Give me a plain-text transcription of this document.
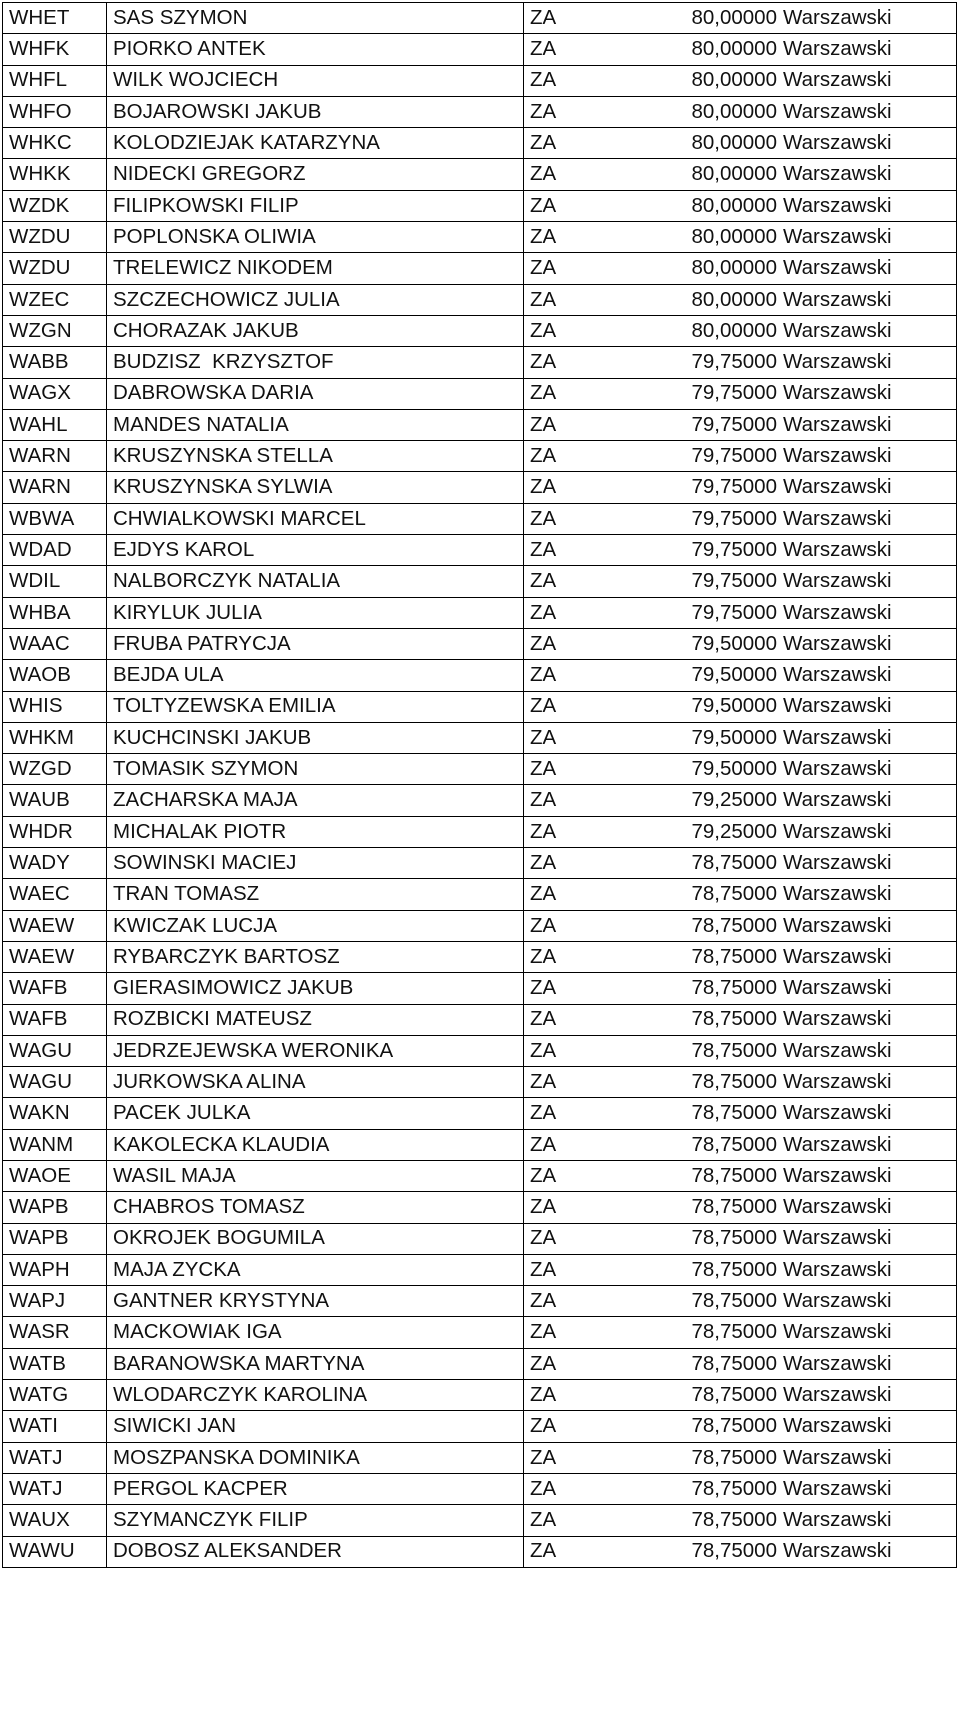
WHET	SAS SZYMON	ZA 80,00000 Warszawski

WHFK	PIORKO ANTEK	ZA 80,00000 Warszawski

WHFL	WILK WOJCIECH	ZA 80,00000 Warszawski

WHFO	BOJAROWSKI JAKUB	ZA 80,00000 Warszawski

WHKC	KOLODZIEJAK KATARZYNA	ZA 80,00000 Warszawski

WHKK	NIDECKI GREGORZ	ZA 80,00000 Warszawski

WZDK	FILIPKOWSKI FILIP	ZA 80,00000 Warszawski

WZDU	POPLONSKA OLIWIA	ZA 80,00000 Warszawski

WZDU	TRELEWICZ NIKODEM	ZA 80,00000 Warszawski

WZEC	SZCZECHOWICZ JULIA	ZA 80,00000 Warszawski

WZGN	CHORAZAK JAKUB	ZA 80,00000 Warszawski

WABB	BUDZISZ  KRZYSZTOF	ZA 79,75000 Warszawski

WAGX	DABROWSKA DARIA	ZA 79,75000 Warszawski

WAHL	MANDES NATALIA	ZA 79,75000 Warszawski

WARN	KRUSZYNSKA STELLA	ZA 79,75000 Warszawski

WARN	KRUSZYNSKA SYLWIA	ZA 79,75000 Warszawski

WBWA	CHWIALKOWSKI MARCEL	ZA 79,75000 Warszawski

WDAD	EJDYS KAROL	ZA 79,75000 Warszawski

WDIL	NALBORCZYK NATALIA	ZA 79,75000 Warszawski

WHBA	KIRYLUK JULIA	ZA 79,75000 Warszawski

WAAC	FRUBA PATRYCJA	ZA 79,50000 Warszawski

WAOB	BEJDA ULA	ZA 79,50000 Warszawski

WHIS	TOLTYZEWSKA EMILIA	ZA 79,50000 Warszawski

WHKM	KUCHCINSKI JAKUB	ZA 79,50000 Warszawski

WZGD	TOMASIK SZYMON	ZA 79,50000 Warszawski

WAUB	ZACHARSKA MAJA	ZA 79,25000 Warszawski

WHDR	MICHALAK PIOTR	ZA 79,25000 Warszawski

WADY	SOWINSKI MACIEJ	ZA 78,75000 Warszawski

WAEC	TRAN TOMASZ	ZA 78,75000 Warszawski

WAEW	KWICZAK LUCJA	ZA 78,75000 Warszawski

WAEW	RYBARCZYK BARTOSZ	ZA 78,75000 Warszawski

WAFB	GIERASIMOWICZ JAKUB	ZA 78,75000 Warszawski

WAFB	ROZBICKI MATEUSZ	ZA 78,75000 Warszawski

WAGU	JEDRZEJEWSKA WERONIKA	ZA 78,75000 Warszawski

WAGU	JURKOWSKA ALINA	ZA 78,75000 Warszawski

WAKN	PACEK JULKA	ZA 78,75000 Warszawski

WANM	KAKOLECKA KLAUDIA	ZA 78,75000 Warszawski

WAOE	WASIL MAJA	ZA 78,75000 Warszawski

WAPB	CHABROS TOMASZ	ZA 78,75000 Warszawski

WAPB	OKROJEK BOGUMILA	ZA 78,75000 Warszawski

WAPH	MAJA ZYCKA	ZA 78,75000 Warszawski

WAPJ	GANTNER KRYSTYNA	ZA 78,75000 Warszawski

WASR	MACKOWIAK IGA	ZA 78,75000 Warszawski

WATB	BARANOWSKA MARTYNA	ZA 78,75000 Warszawski

WATG	WLODARCZYK KAROLINA	ZA 78,75000 Warszawski

WATI	SIWICKI JAN	ZA 78,75000 Warszawski

WATJ	MOSZPANSKA DOMINIKA	ZA 78,75000 Warszawski

WATJ	PERGOL KACPER	ZA 78,75000 Warszawski

WAUX	SZYMANCZYK FILIP	ZA 78,75000 Warszawski

WAWU	DOBOSZ ALEKSANDER	ZA 78,75000 Warszawski
